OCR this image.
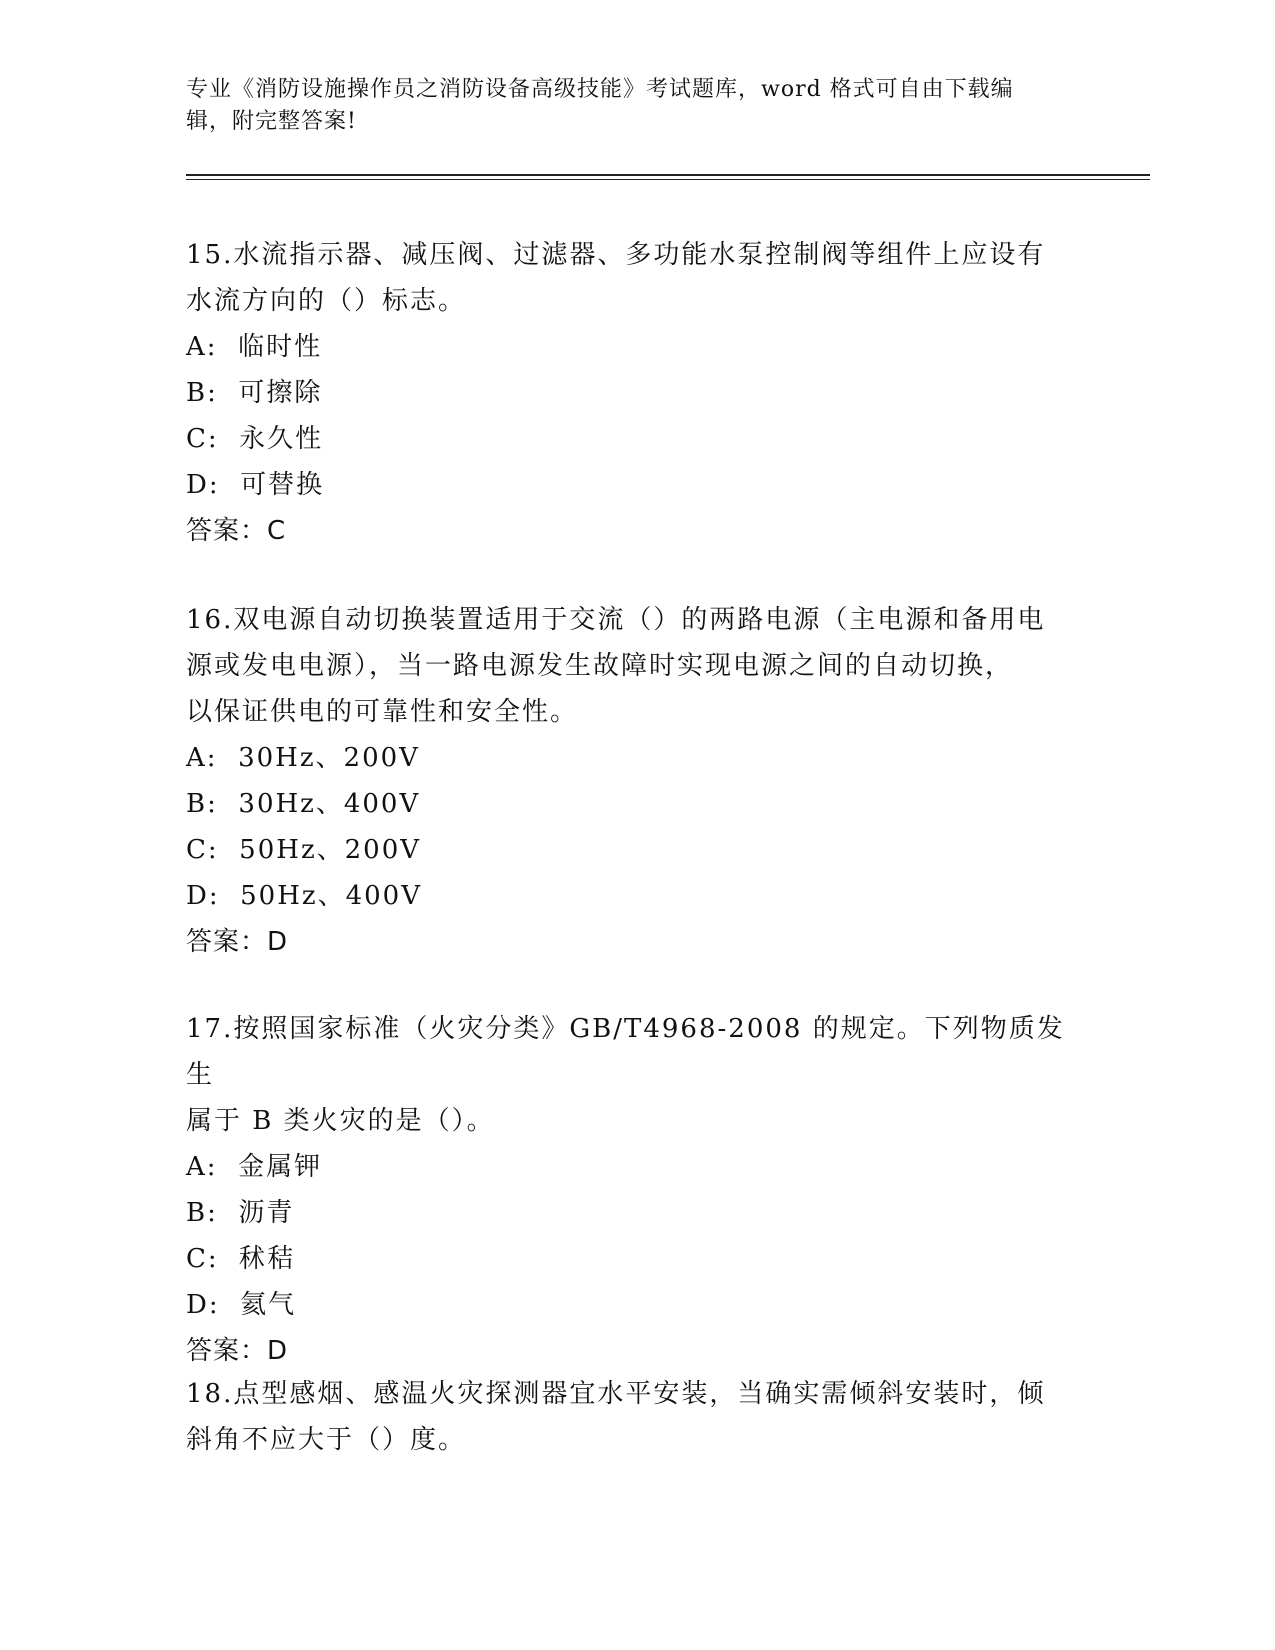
专业《消防设施操作员之消防设备高级技能》考试题库，word 格式可自由下载编
辑，附完整答案!

15.水流指示器、减压阀、过滤器、多功能水泵控制阀等组件上应设有
水流方向的（）标志。

A:  临时性

B:  可擦除

C:  永久性

D:  可替换

答案：C

16.双电源自动切换装置适用于交流（）的两路电源（主电源和备用电
源或发电电源），当一路电源发生故障时实现电源之间的自动切换，
以保证供电的可靠性和安全性。

A:  30Hz、200V

B:  30Hz、400V

C:  50Hz、200V

D:  50Hz、400V

答案：D

17.按照国家标准（火灾分类》GB/T4968-2008 的规定。下列物质发生
属于 B 类火灾的是（）。

A:  金属钾

B:  沥青

C:  秫秸

D:  氦气

答案：D

18.点型感烟、感温火灾探测器宜水平安装，当确实需倾斜安装时，倾
斜角不应大于（）度。
